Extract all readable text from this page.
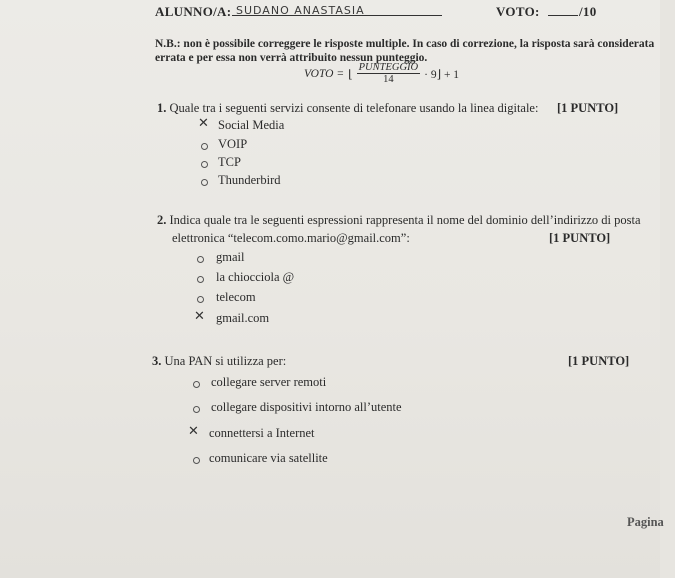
ALUNNO/A: SUDANO ANASTASIA	VOTO:	/10
N.B.: non è possibile correggere le risposte multiple. In caso di correzione, la risposta sarà considerata errata e per essa non verrà attribuito nessun punteggio.
VOTO = ⌊ $\frac{\text{PUNTEGGIO}}{14}$ · 9⌋ + 1
1. Quale tra i seguenti servizi consente di telefonare usando la linea digitale: [1 PUNTO]
✕ Social Media
VOIP
TCP
Thunderbird
2. Indica quale tra le seguenti espressioni rappresenta il nome del dominio dell’indirizzo di posta
elettronica “telecom.como.mario@gmail.com”:	[1 PUNTO]
gmail
la chiocciola @
telecom
✕ gmail.com
3. Una PAN si utilizza per:	[1 PUNTO]
collegare server remoti
collegare dispositivi intorno all’utente
✕ connettersi a Internet
comunicare via satellite
Pagina
